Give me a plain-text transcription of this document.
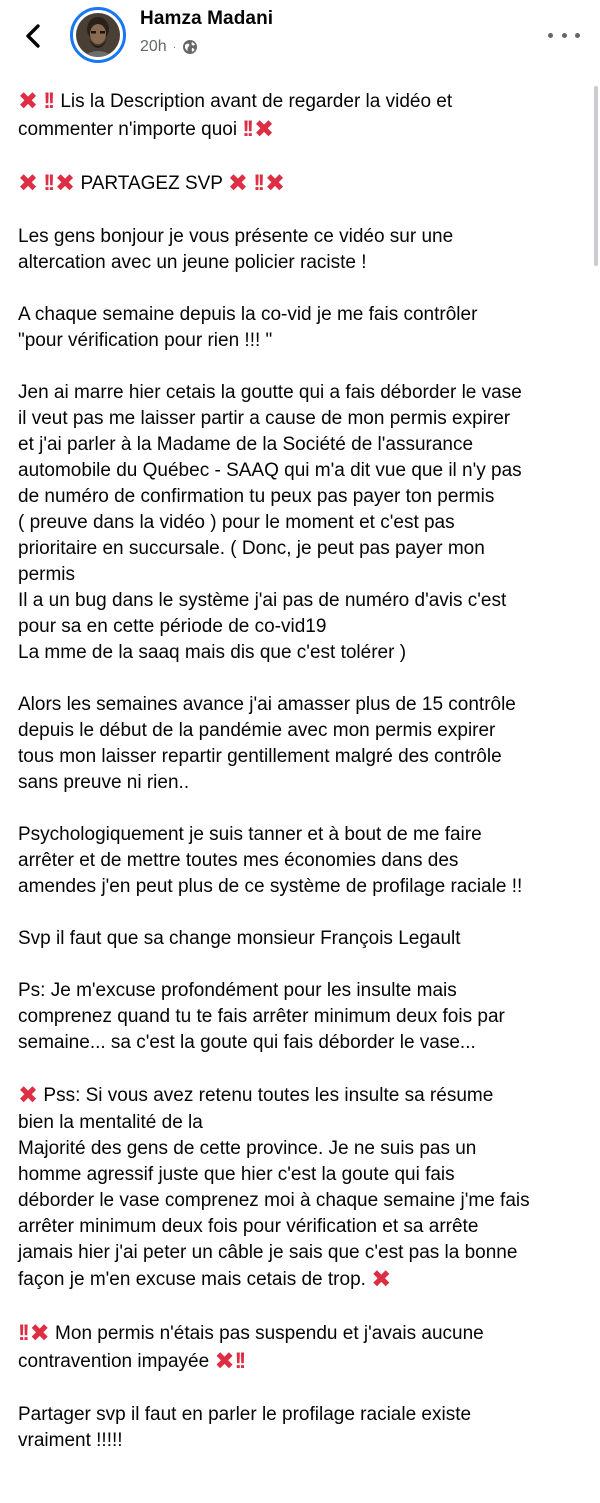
Hamza Madani
20h ·
✖ !! Lis la Description avant de regarder la vidéo et
commenter n'importe quoi !! ✖
✖ !! ✖ PARTAGEZ SVP ✖ !! ✖
Les gens bonjour je vous présente ce vidéo sur une
altercation avec un jeune policier raciste !
A chaque semaine depuis la co-vid je me fais contrôler
"pour vérification pour rien !!! "
Jen ai marre hier cetais la goutte qui a fais déborder le vase
il veut pas me laisser partir a cause de mon permis expirer
et j'ai parler à la Madame de la Société de l'assurance
automobile du Québec - SAAQ qui m'a dit vue que il n'y pas
de numéro de confirmation tu peux pas payer ton permis
( preuve dans la vidéo ) pour le moment et c'est pas
prioritaire en succursale. ( Donc, je peut pas payer mon
permis
Il a un bug dans le système j'ai pas de numéro d'avis c'est
pour sa en cette période de co-vid19
La mme de la saaq mais dis que c'est tolérer )
Alors les semaines avance j'ai amasser plus de 15 contrôle
depuis le début de la pandémie avec mon permis expirer
tous mon laisser repartir gentillement malgré des contrôle
sans preuve ni rien..
Psychologiquement je suis tanner et à bout de me faire
arrêter et de mettre toutes mes économies dans des
amendes j'en peut plus de ce système de profilage raciale !!
Svp il faut que sa change monsieur François Legault
Ps: Je m'excuse profondément pour les insulte mais
comprenez quand tu te fais arrêter minimum deux fois par
semaine... sa c'est la goute qui fais déborder le vase...
✖ Pss: Si vous avez retenu toutes les insulte sa résume
bien la mentalité de la
Majorité des gens de cette province. Je ne suis pas un
homme agressif juste que hier c'est la goute qui fais
déborder le vase comprenez moi à chaque semaine j'me fais
arrêter minimum deux fois pour vérification et sa arrête
jamais hier j'ai peter un câble je sais que c'est pas la bonne
façon je m'en excuse mais cetais de trop. ✖
!! ✖ Mon permis n'étais pas suspendu et j'avais aucune
contravention impayée ✖!!
Partager svp il faut en parler le profilage raciale existe
vraiment !!!!!
